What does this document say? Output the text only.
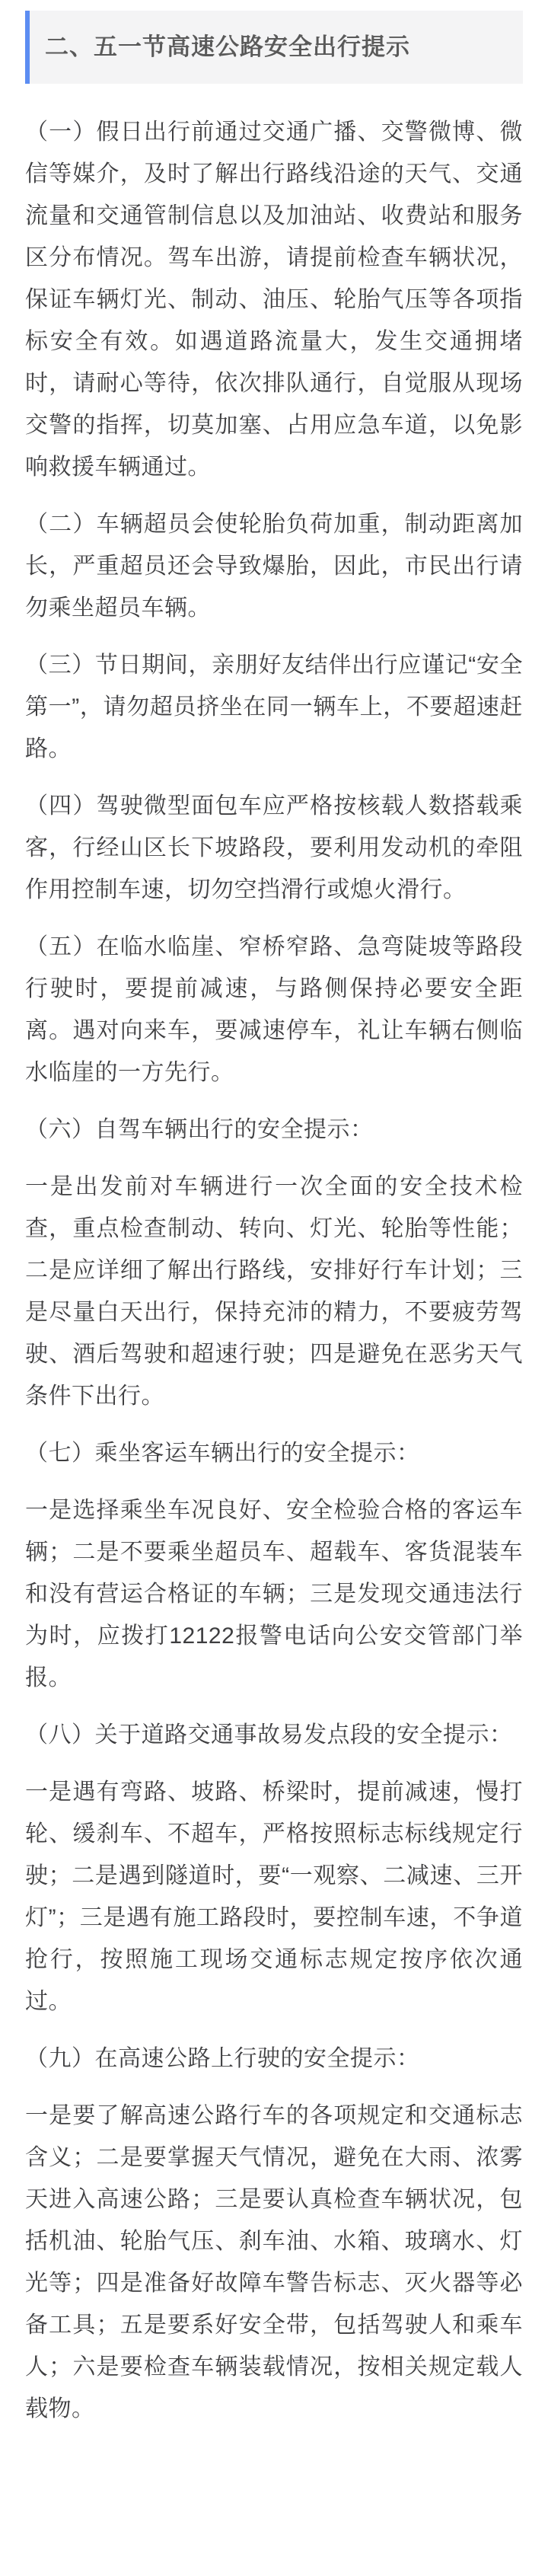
二、五一节高速公路安全出行提示

（一）假日出行前通过交通广播、交警微博、微信等媒介，及时了解出行路线沿途的天气、交通流量和交通管制信息以及加油站、收费站和服务区分布情况。驾车出游，请提前检查车辆状况，保证车辆灯光、制动、油压、轮胎气压等各项指标安全有效。如遇道路流量大，发生交通拥堵时，请耐心等待，依次排队通行，自觉服从现场交警的指挥，切莫加塞、占用应急车道，以免影响救援车辆通过。

（二）车辆超员会使轮胎负荷加重，制动距离加长，严重超员还会导致爆胎，因此，市民出行请勿乘坐超员车辆。

（三）节日期间，亲朋好友结伴出行应谨记“安全第一”，请勿超员挤坐在同一辆车上，不要超速赶路。

（四）驾驶微型面包车应严格按核载人数搭载乘客，行经山区长下坡路段，要利用发动机的牵阻作用控制车速，切勿空挡滑行或熄火滑行。

（五）在临水临崖、窄桥窄路、急弯陡坡等路段行驶时，要提前减速，与路侧保持必要安全距离。遇对向来车，要减速停车，礼让车辆右侧临水临崖的一方先行。

（六）自驾车辆出行的安全提示：

一是出发前对车辆进行一次全面的安全技术检查，重点检查制动、转向、灯光、轮胎等性能；二是应详细了解出行路线，安排好行车计划；三是尽量白天出行，保持充沛的精力，不要疲劳驾驶、酒后驾驶和超速行驶；四是避免在恶劣天气条件下出行。

（七）乘坐客运车辆出行的安全提示：

一是选择乘坐车况良好、安全检验合格的客运车辆；二是不要乘坐超员车、超载车、客货混装车和没有营运合格证的车辆；三是发现交通违法行为时，应拨打12122报警电话向公安交管部门举报。

（八）关于道路交通事故易发点段的安全提示：

一是遇有弯路、坡路、桥梁时，提前减速，慢打轮、缓刹车、不超车，严格按照标志标线规定行驶；二是遇到隧道时，要“一观察、二减速、三开灯”；三是遇有施工路段时，要控制车速，不争道抢行，按照施工现场交通标志规定按序依次通过。

（九）在高速公路上行驶的安全提示：

一是要了解高速公路行车的各项规定和交通标志含义；二是要掌握天气情况，避免在大雨、浓雾天进入高速公路；三是要认真检查车辆状况，包括机油、轮胎气压、刹车油、水箱、玻璃水、灯光等；四是准备好故障车警告标志、灭火器等必备工具；五是要系好安全带，包括驾驶人和乘车人；六是要检查车辆装载情况，按相关规定载人载物。
